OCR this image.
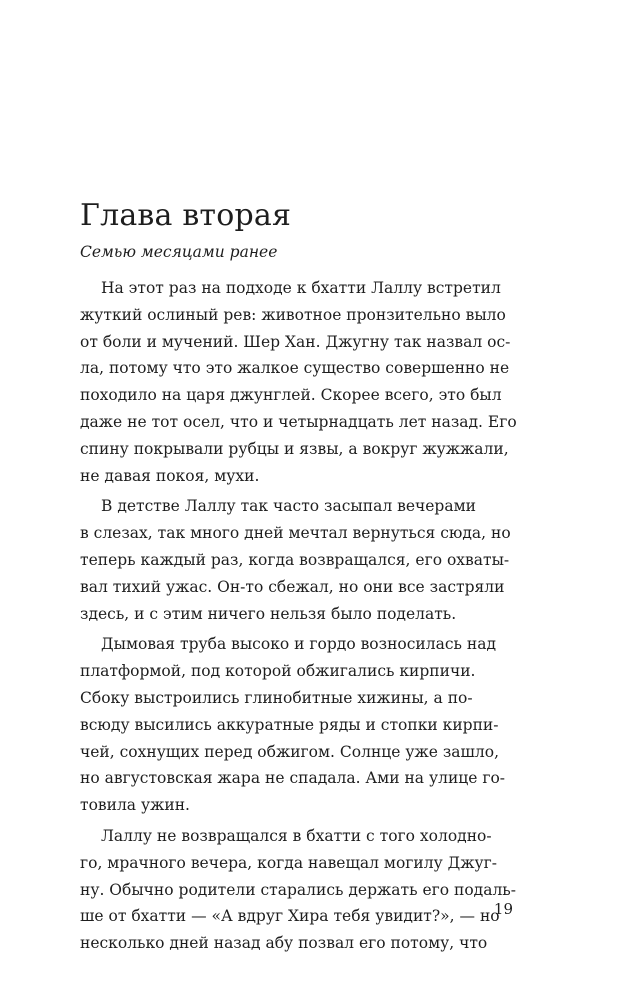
Глава вторая

Семью месяцами ранее

На этот раз на подходе к бхатти Лаллу встретил
жуткий ослиный рев: животное пронзительно выло
от боли и мучений. Шер Хан. Джугну так назвал ос-
ла, потому что это жалкое существо совершенно не
походило на царя джунглей. Скорее всего, это был
даже не тот осел, что и четырнадцать лет назад. Его
спину покрывали рубцы и язвы, а вокруг жужжали,
не давая покоя, мухи.
В детстве Лаллу так часто засыпал вечерами
в слезах, так много дней мечтал вернуться сюда, но
теперь каждый раз, когда возвращался, его охваты-
вал тихий ужас. Он-то сбежал, но они все застряли
здесь, и с этим ничего нельзя было поделать.
Дымовая труба высоко и гордо возносилась над
платформой, под которой обжигались кирпичи.
Сбоку выстроились глинобитные хижины, а по-
всюду высились аккуратные ряды и стопки кирпи-
чей, сохнущих перед обжигом. Солнце уже зашло,
но августовская жара не спадала. Ами на улице го-
товила ужин.
Лаллу не возвращался в бхатти с того холодно-
го, мрачного вечера, когда навещал могилу Джуг-
ну. Обычно родители старались держать его подаль-
ше от бхатти — «А вдруг Хира тебя увидит?», — но
несколько дней назад абу позвал его потому, что

19
